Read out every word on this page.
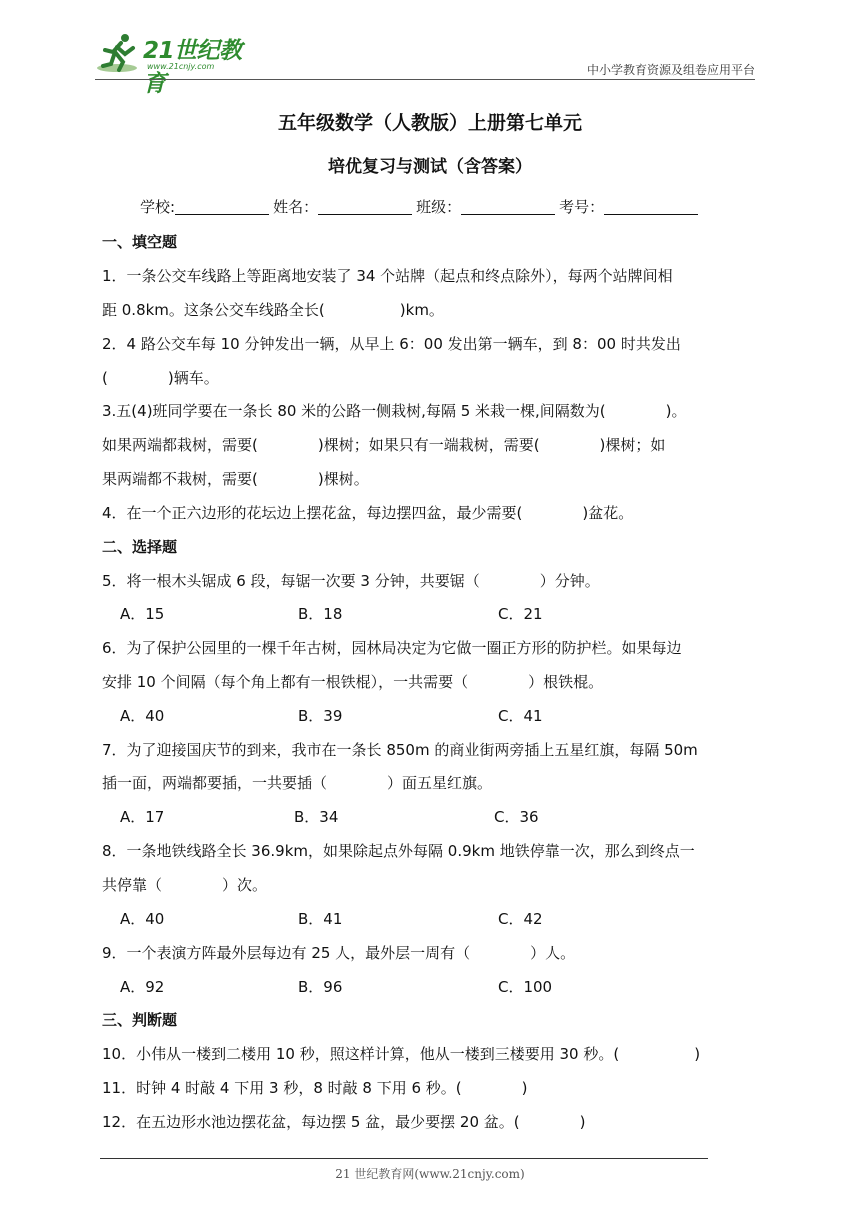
21世纪教育
www.21cnjy.com	中小学教育资源及组卷应用平台
五年级数学（人教版）上册第七单元
培优复习与测试（含答案）
学校:	姓名：	班级：	考号：
一、填空题
1．一条公交车线路上等距离地安装了 34 个站牌（起点和终点除外），每两个站牌间相
距 0.8km。这条公交车线路全长(　　　　　)km。
2．4 路公交车每 10 分钟发出一辆，从早上 6：00 发出第一辆车，到 8：00 时共发出
(　　　　)辆车。
3.五(4)班同学要在一条长 80 米的公路一侧栽树,每隔 5 米栽一棵,间隔数为(　　　　)。
如果两端都栽树，需要(　　　　)棵树；如果只有一端栽树，需要(　　　　)棵树；如
果两端都不栽树，需要(　　　　)棵树。
4．在一个正六边形的花坛边上摆花盆，每边摆四盆，最少需要(　　　　)盆花。
二、选择题
5．将一根木头锯成 6 段，每锯一次要 3 分钟，共要锯（　　　　）分钟。
A．15	B．18	C．21
6．为了保护公园里的一棵千年古树，园林局决定为它做一圈正方形的防护栏。如果每边
安排 10 个间隔（每个角上都有一根铁棍），一共需要（　　　　）根铁棍。
A．40	B．39	C．41
7．为了迎接国庆节的到来，我市在一条长 850m 的商业街两旁插上五星红旗，每隔 50m
插一面，两端都要插，一共要插（　　　　）面五星红旗。
A．17	B．34	C．36
8．一条地铁线路全长 36.9km，如果除起点外每隔 0.9km 地铁停靠一次，那么到终点一
共停靠（　　　　）次。
A．40	B．41	C．42
9．一个表演方阵最外层每边有 25 人，最外层一周有（　　　　）人。
A．92	B．96	C．100
三、判断题
10．小伟从一楼到二楼用 10 秒，照这样计算，他从一楼到三楼要用 30 秒。(　　　　　)
11．时钟 4 时敲 4 下用 3 秒，8 时敲 8 下用 6 秒。(　　　　)
12．在五边形水池边摆花盆，每边摆 5 盆，最少要摆 20 盆。(　　　　)
21 世纪教育网(www.21cnjy.com)
